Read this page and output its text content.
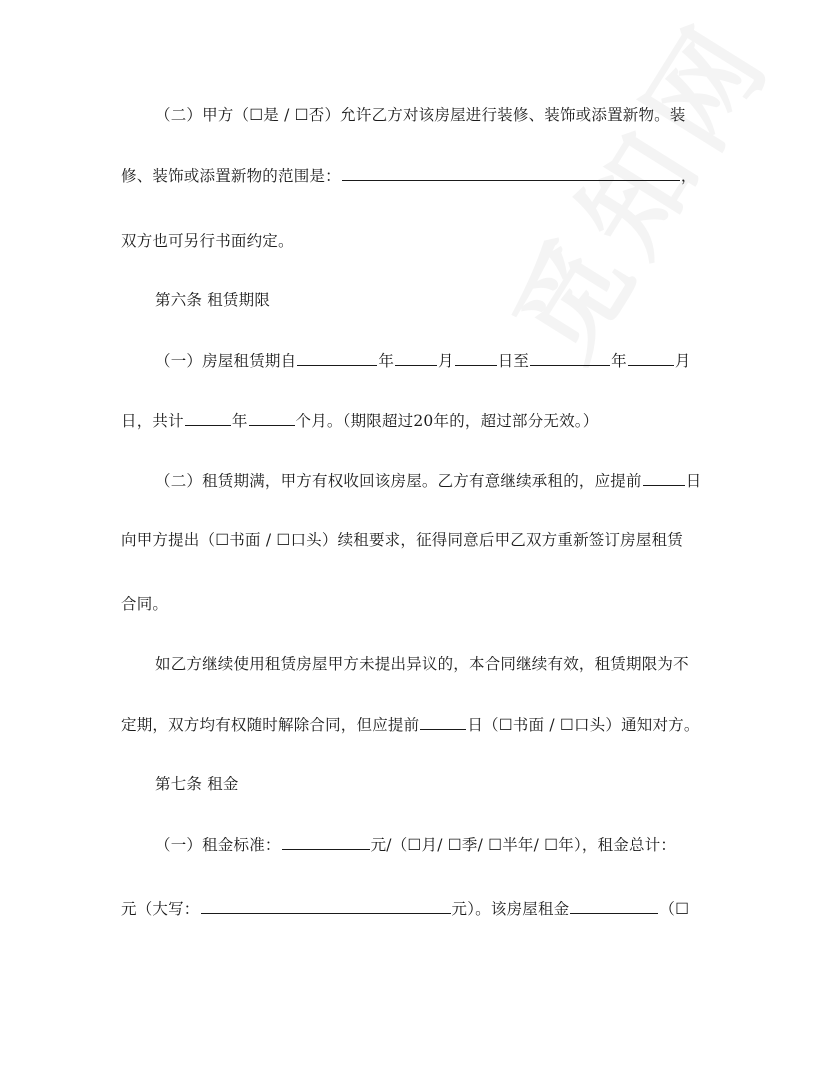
（二）甲方（☐是 / ☐否）允许乙方对该房屋进行装修、装饰或添置新物。装
修、装饰或添置新物的范围是：	，
双方也可另行书面约定。
第六条 租赁期限
（一）房屋租赁期自	年	月	日至	年	月
日，共计	年	个月。（期限超过20年的，超过部分无效。）
（二）租赁期满，甲方有权收回该房屋。乙方有意继续承租的，应提前	日
向甲方提出（☐书面 / ☐口头）续租要求，征得同意后甲乙双方重新签订房屋租赁
合同。
如乙方继续使用租赁房屋甲方未提出异议的，本合同继续有效，租赁期限为不
定期，双方均有权随时解除合同，但应提前	日（☐书面 / ☐口头）通知对方。
第七条 租金
（一）租金标准：	元/（☐月/ ☐季/ ☐半年/ ☐年），租金总计：
元（大写：	元）。该房屋租金	（☐
